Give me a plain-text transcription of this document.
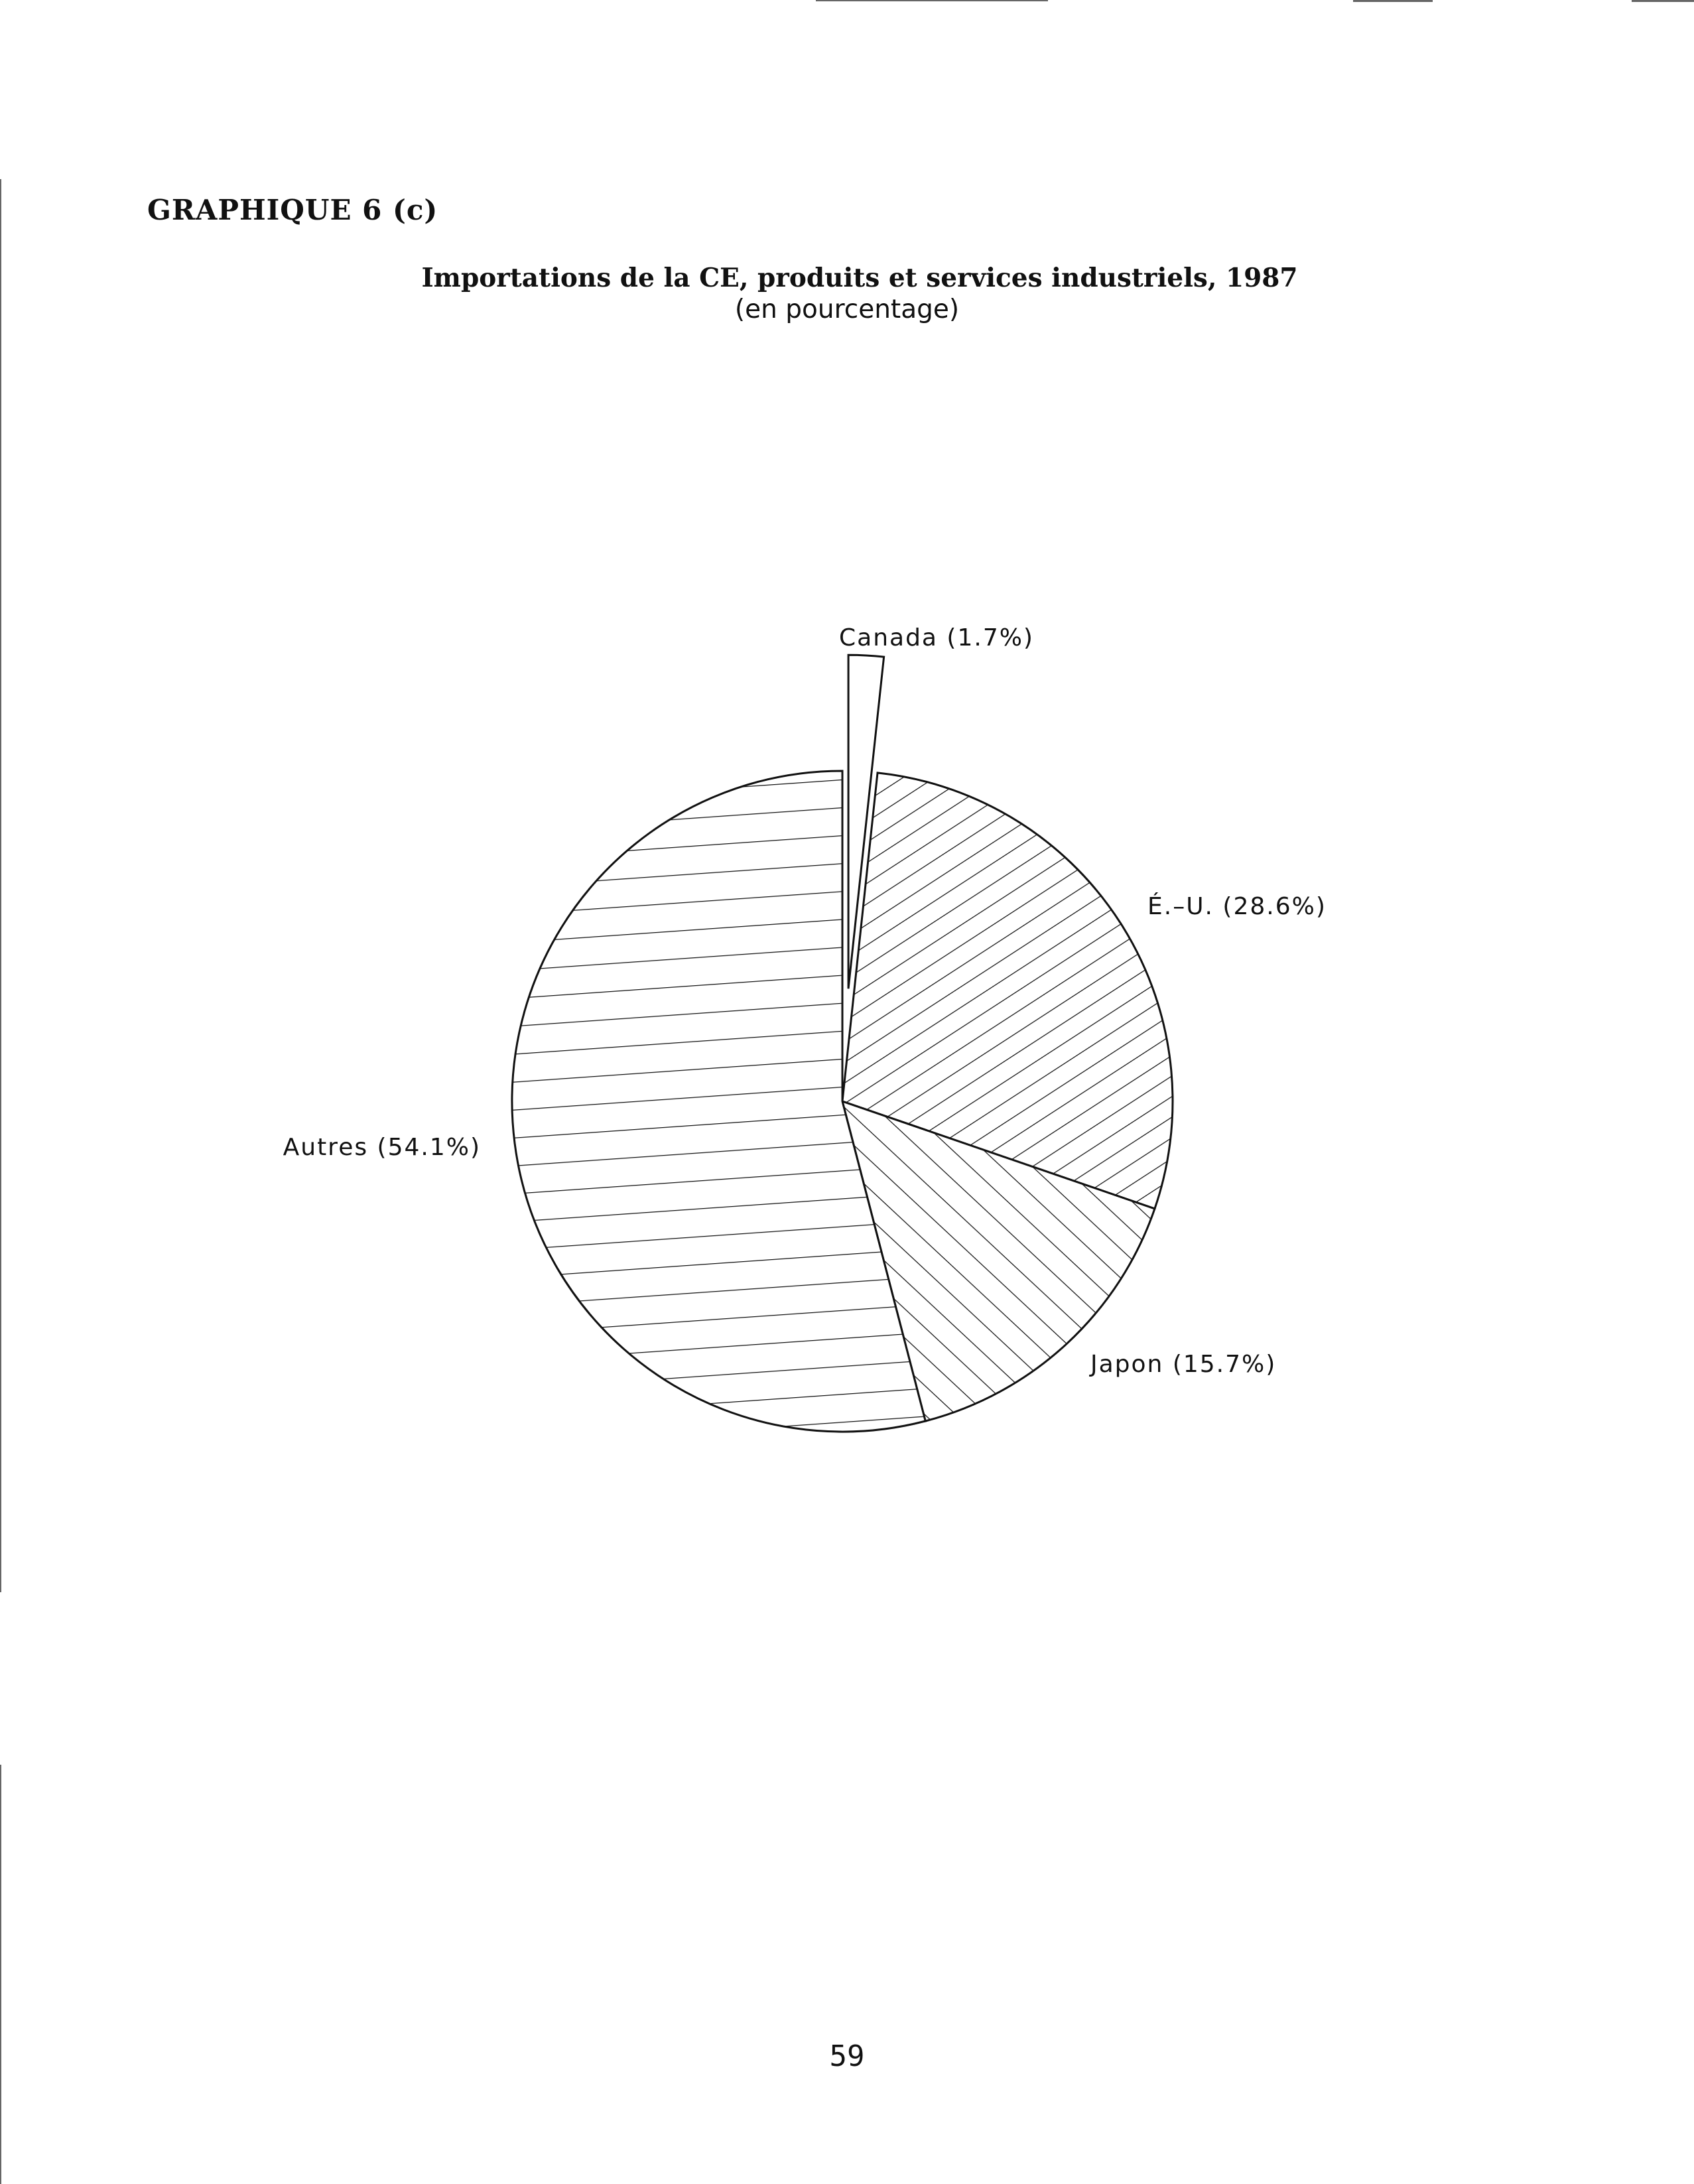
GRAPHIQUE 6 (c)
Importations de la CE, produits et services industriels, 1987
(en pourcentage)
Canada (1.7%)
É.–U. (28.6%)
Japon (15.7%)
Autres (54.1%)
59
